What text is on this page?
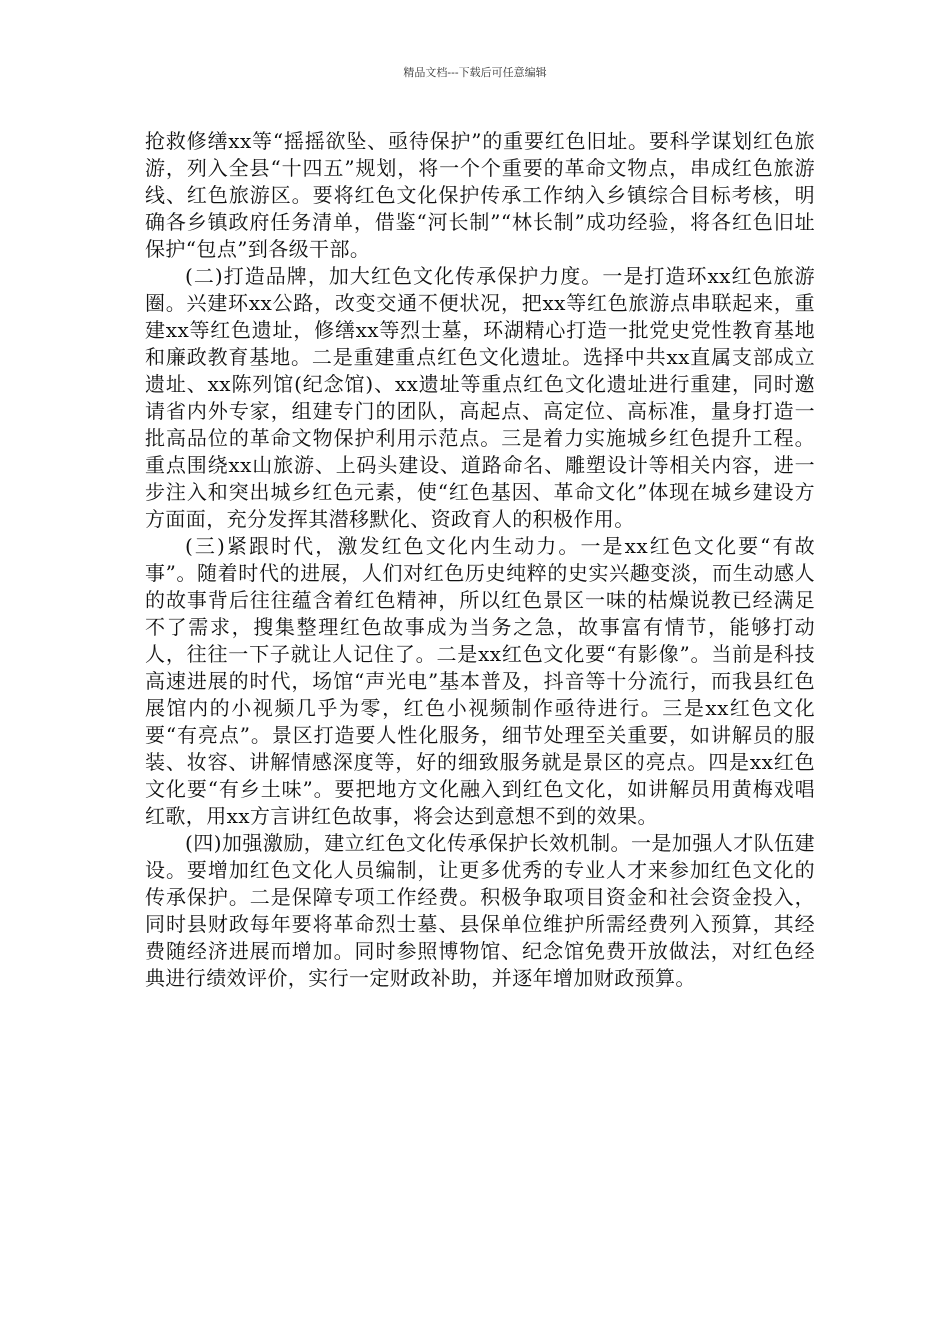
精品文档---下载后可任意编辑

抢救修缮xx等“摇摇欲坠、亟待保护”的重要红色旧址。要科学谋划红色旅游，列入全县“十四五”规划，将一个个重要的革命文物点，串成红色旅游线、红色旅游区。要将红色文化保护传承工作纳入乡镇综合目标考核，明确各乡镇政府任务清单，借鉴“河长制”“林长制”成功经验，将各红色旧址保护“包点”到各级干部。

(二)打造品牌，加大红色文化传承保护力度。一是打造环xx红色旅游圈。兴建环xx公路，改变交通不便状况，把xx等红色旅游点串联起来，重建xx等红色遗址，修缮xx等烈士墓，环湖精心打造一批党史党性教育基地和廉政教育基地。二是重建重点红色文化遗址。选择中共xx直属支部成立遗址、xx陈列馆(纪念馆)、xx遗址等重点红色文化遗址进行重建，同时邀请省内外专家，组建专门的团队，高起点、高定位、高标准，量身打造一批高品位的革命文物保护利用示范点。三是着力实施城乡红色提升工程。重点围绕xx山旅游、上码头建设、道路命名、雕塑设计等相关内容，进一步注入和突出城乡红色元素，使“红色基因、革命文化”体现在城乡建设方方面面，充分发挥其潜移默化、资政育人的积极作用。

(三)紧跟时代，激发红色文化内生动力。一是xx红色文化要“有故事”。随着时代的进展，人们对红色历史纯粹的史实兴趣变淡，而生动感人的故事背后往往蕴含着红色精神，所以红色景区一味的枯燥说教已经满足不了需求，搜集整理红色故事成为当务之急，故事富有情节，能够打动人，往往一下子就让人记住了。二是xx红色文化要“有影像”。当前是科技高速进展的时代，场馆“声光电”基本普及，抖音等十分流行，而我县红色展馆内的小视频几乎为零，红色小视频制作亟待进行。三是xx红色文化要“有亮点”。景区打造要人性化服务，细节处理至关重要，如讲解员的服装、妆容、讲解情感深度等，好的细致服务就是景区的亮点。四是xx红色文化要“有乡土味”。要把地方文化融入到红色文化，如讲解员用黄梅戏唱红歌，用xx方言讲红色故事，将会达到意想不到的效果。

(四)加强激励，建立红色文化传承保护长效机制。一是加强人才队伍建设。要增加红色文化人员编制，让更多优秀的专业人才来参加红色文化的传承保护。二是保障专项工作经费。积极争取项目资金和社会资金投入，同时县财政每年要将革命烈士墓、县保单位维护所需经费列入预算，其经费随经济进展而增加。同时参照博物馆、纪念馆免费开放做法，对红色经典进行绩效评价，实行一定财政补助，并逐年增加财政预算。
